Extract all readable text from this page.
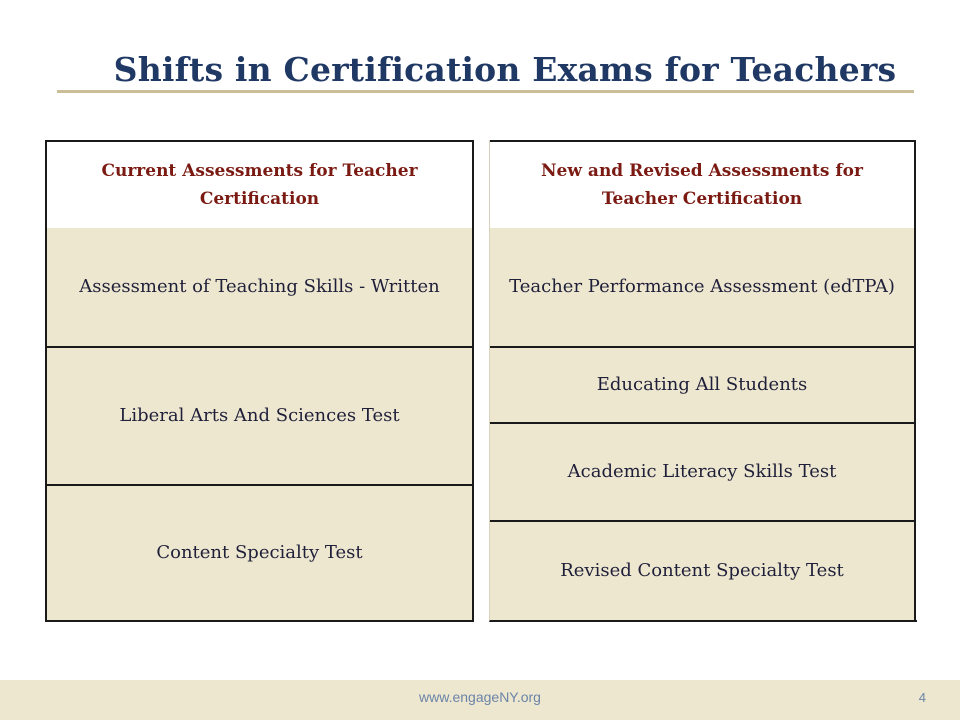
Shifts in Certification Exams for Teachers
Current Assessments for Teacher Certification
Assessment of Teaching Skills - Written
Liberal Arts And Sciences Test
Content Specialty Test
New and Revised Assessments for Teacher Certification
Teacher Performance Assessment (edTPA)
Educating All Students
Academic Literacy Skills Test
Revised Content Specialty Test
www.engageNY.org	4
